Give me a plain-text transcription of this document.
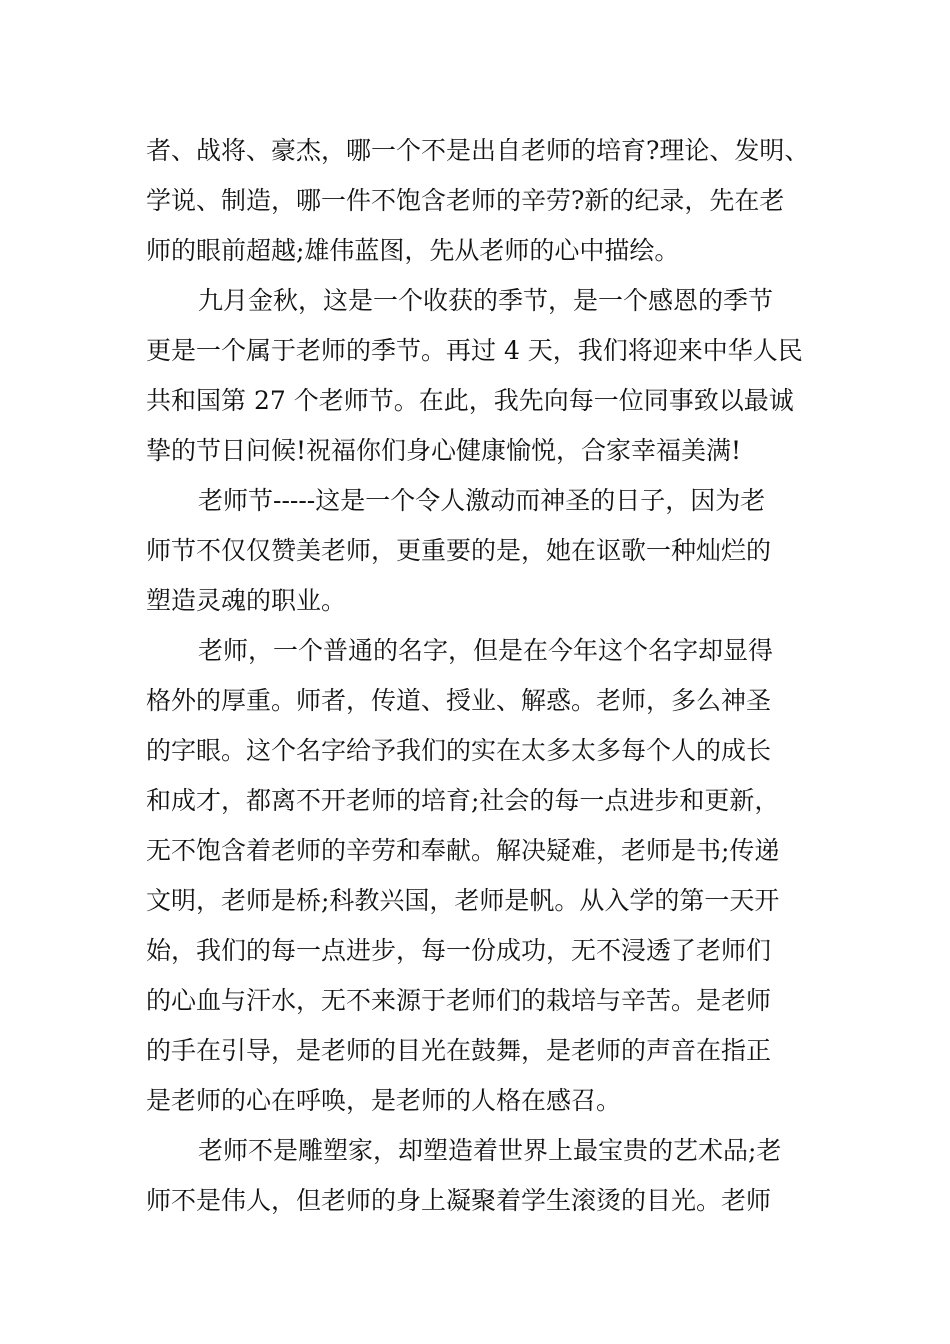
者、战将、豪杰，哪一个不是出自老师的培育?理论、发明、
学说、制造，哪一件不饱含老师的辛劳?新的纪录，先在老
师的眼前超越;雄伟蓝图，先从老师的心中描绘。
九月金秋，这是一个收获的季节，是一个感恩的季节
更是一个属于老师的季节。再过 4 天，我们将迎来中华人民
共和国第 27 个老师节。在此，我先向每一位同事致以最诚
挚的节日问候!祝福你们身心健康愉悦，合家幸福美满!
老师节-----这是一个令人激动而神圣的日子，因为老
师节不仅仅赞美老师，更重要的是，她在讴歌一种灿烂的
塑造灵魂的职业。
老师，一个普通的名字，但是在今年这个名字却显得
格外的厚重。师者，传道、授业、解惑。老师，多么神圣
的字眼。这个名字给予我们的实在太多太多每个人的成长
和成才，都离不开老师的培育;社会的每一点进步和更新，
无不饱含着老师的辛劳和奉献。解决疑难，老师是书;传递
文明，老师是桥;科教兴国，老师是帆。从入学的第一天开
始，我们的每一点进步，每一份成功，无不浸透了老师们
的心血与汗水，无不来源于老师们的栽培与辛苦。是老师
的手在引导，是老师的目光在鼓舞，是老师的声音在指正
是老师的心在呼唤，是老师的人格在感召。
老师不是雕塑家，却塑造着世界上最宝贵的艺术品;老
师不是伟人，但老师的身上凝聚着学生滚烫的目光。老师
